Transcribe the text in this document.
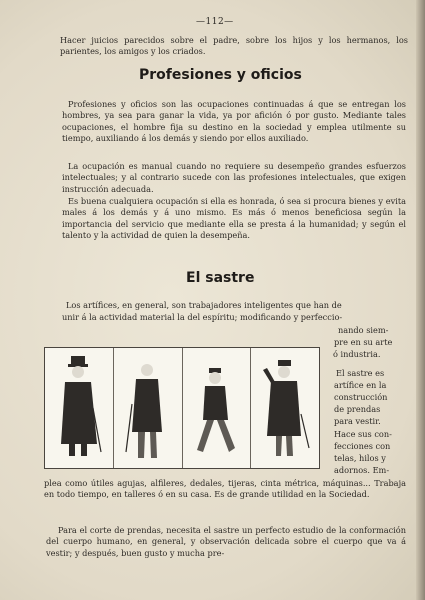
—112—

Hacer juicios parecidos sobre el padre, sobre los hijos y los hermanos, los parientes, los amigos y los criados.

Profesiones y oficios

Profesiones y oficios son las ocupaciones continuadas á que se entregan los hombres, ya sea para ganar la vida, ya por afición ó por gusto. Mediante tales ocupaciones, el hombre fija su destino en la sociedad y emplea utilmente su tiempo, auxiliando á los demás y siendo por ellos auxiliado.

La ocupación es manual cuando no requiere su desempeño grandes esfuerzos intelectuales; y al contrario sucede con las profesiones intelectuales, que exigen instrucción adecuada.

Es buena cualquiera ocupación si ella es honrada, ó sea si procura bienes y evita males á los demás y á uno mismo. Es más ó menos beneficiosa según la importancia del servicio que mediante ella se presta á la humanidad; y según el talento y la actividad de quien la desempeña.

El sastre
Los artífices, en general, son trabajadores inteligentes que han de
unir á la actividad material la del espíritu; modificando y perfeccio-
nando siem-
pre en su arte
ó industria.
El sastre es
artífice en la
construcción
de prendas
para vestir.
Hace sus con-
fecciones con
telas, hilos y
adornos. Em-

plea como útiles agujas, alfileres, dedales, tijeras, cinta métrica, máquinas... Trabaja en todo tiempo, en talleres ó en su casa. Es de grande utilidad en la Sociedad.

Para el corte de prendas, necesita el sastre un perfecto estudio de la conformación del cuerpo humano, en general, y observación delicada sobre el cuerpo que va á vestir; y después, buen gusto y mucha pre-
